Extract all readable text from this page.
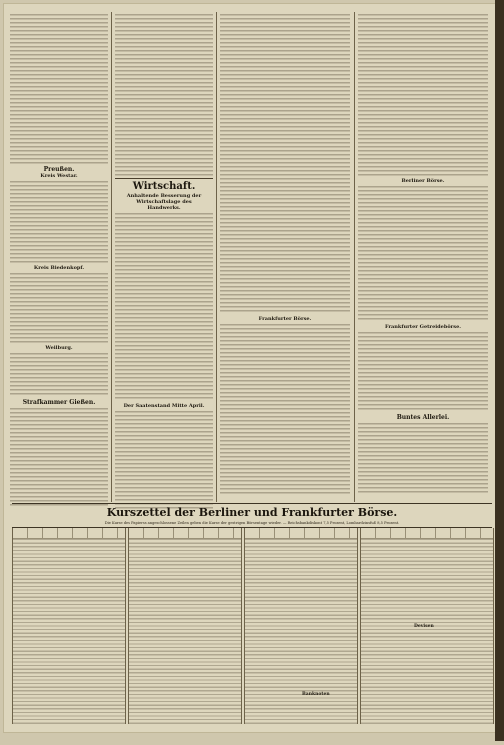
Preußen.
Kreis Westar.
Kreis Biedenkopf.
Weilburg.
Strafkammer Gießen.
Wirtschaft.
Anhaltende Besserung der Wirtschaftslage des Handwerks.
Der Saatenstand Mitte April.
Frankfurter Börse.
Berliner Börse.
Frankfurter Getreidebörse.
Buntes Allerlei.
Kurszettel der Berliner und Frankfurter Börse.
Die Kurse des Papierss angeschlossene Zeilen geben die Kurse der gestrigen Börsentage wieder. — Reichsbankdiskont 7,5 Prozent, Lombardzinsfuß 8,5 Prozent.
Banknoten
Devisen
